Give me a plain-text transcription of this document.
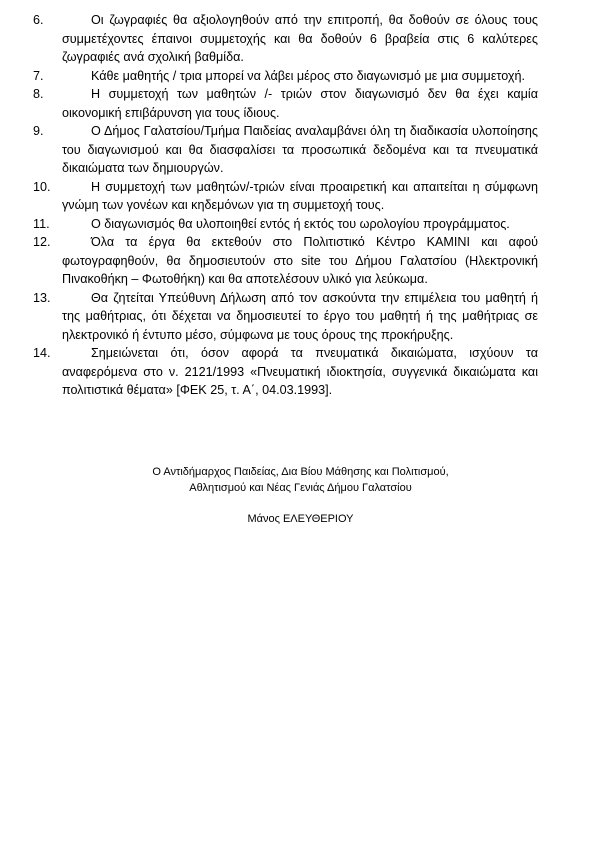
6.	Οι ζωγραφιές θα αξιολογηθούν από την επιτροπή, θα δοθούν σε όλους τους συμμετέχοντες έπαινοι συμμετοχής και θα δοθούν 6 βραβεία στις 6 καλύτερες ζωγραφιές ανά σχολική βαθμίδα.

7.	Κάθε μαθητής / τρια μπορεί να λάβει μέρος στο διαγωνισμό με μια συμμετοχή.

8.	Η συμμετοχή των μαθητών /- τριών στον διαγωνισμό δεν θα έχει καμία οικονομική επιβάρυνση για τους ίδιους.

9.	Ο Δήμος Γαλατσίου/Τμήμα Παιδείας αναλαμβάνει όλη τη διαδικασία υλοποίησης του διαγωνισμού και θα διασφαλίσει τα προσωπικά δεδομένα και τα πνευματικά δικαιώματα των δημιουργών.

10.	Η συμμετοχή των μαθητών/-τριών είναι προαιρετική και απαιτείται η σύμφωνη γνώμη των γονέων και κηδεμόνων για τη συμμετοχή τους.

11.	Ο διαγωνισμός θα υλοποιηθεί εντός ή εκτός του ωρολογίου προγράμματος.

12.	Όλα τα έργα θα εκτεθούν στο Πολιτιστικό Κέντρο ΚΑΜΙΝΙ και αφού φωτογραφηθούν, θα δημοσιευτούν στο site του Δήμου Γαλατσίου (Ηλεκτρονική Πινακοθήκη – Φωτοθήκη) και θα αποτελέσουν υλικό για λεύκωμα.

13.	Θα ζητείται Υπεύθυνη Δήλωση από τον ασκούντα την επιμέλεια του μαθητή ή της μαθήτριας, ότι δέχεται να δημοσιευτεί το έργο του μαθητή ή της μαθήτριας σε ηλεκτρονικό ή έντυπο μέσο, σύμφωνα με τους όρους της προκήρυξης.

14.	Σημειώνεται ότι, όσον αφορά τα πνευματικά δικαιώματα, ισχύουν τα αναφερόμενα στο ν. 2121/1993 «Πνευματική ιδιοκτησία, συγγενικά δικαιώματα και πολιτιστικά θέματα» [ΦΕΚ 25, τ. Α΄, 04.03.1993].

Ο Αντιδήμαρχος Παιδείας, Δια Βίου Μάθησης και Πολιτισμού,
Αθλητισμού και Νέας Γενιάς Δήμου Γαλατσίου
Μάνος ΕΛΕΥΘΕΡΙΟΥ
